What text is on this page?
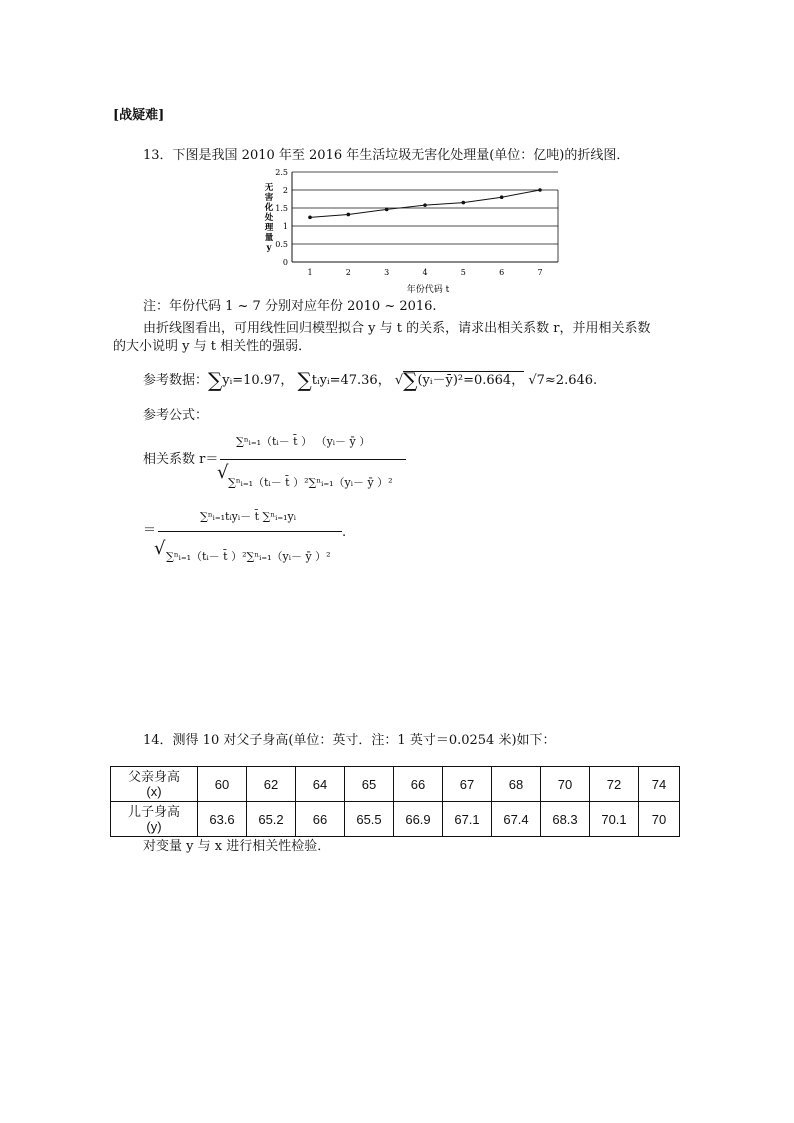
[战疑难]
13．下图是我国 2010 年至 2016 年生活垃圾无害化处理量(单位：亿吨)的折线图．
0
0.5
1
1.5
2
2.5
1	2	3	4	5	6	7
无
害
化
处
理
量
y
年份代码 t
注：年份代码 1 ~ 7 分别对应年份 2010 ~ 2016.
由折线图看出，可用线性回归模型拟合 y 与 t 的关系，请求出相关系数 r，并用相关系数
的大小说明 y 与 t 相关性的强弱．
参考数据：∑yᵢ=10.97， ∑tᵢyᵢ=47.36， √∑(yᵢ－ȳ)²=0.664， √7≈2.646.
参考公式：
∑ⁿᵢ₌₁（tᵢ－ t̄ ） （yᵢ－ ȳ ）
相关系数 r＝
√ ∑ⁿᵢ₌₁（tᵢ－ t̄ ）²∑ⁿᵢ₌₁（yᵢ－ ȳ ）²
∑ⁿᵢ₌₁tᵢyᵢ－ t̄ ∑ⁿᵢ₌₁yᵢ
＝	.
√ ∑ⁿᵢ₌₁（tᵢ－ t̄ ）²∑ⁿᵢ₌₁（yᵢ－ ȳ ）²
14．测得 10 对父子身高(单位：英寸．注：1 英寸＝0.0254 米)如下：
父亲身高
(x)	60	62	64	65	66	67	68	70	72	74

儿子身高
(y)	63.6	65.2	66	65.5	66.9	67.1	67.4	68.3	70.1	70
对变量 y 与 x 进行相关性检验．
